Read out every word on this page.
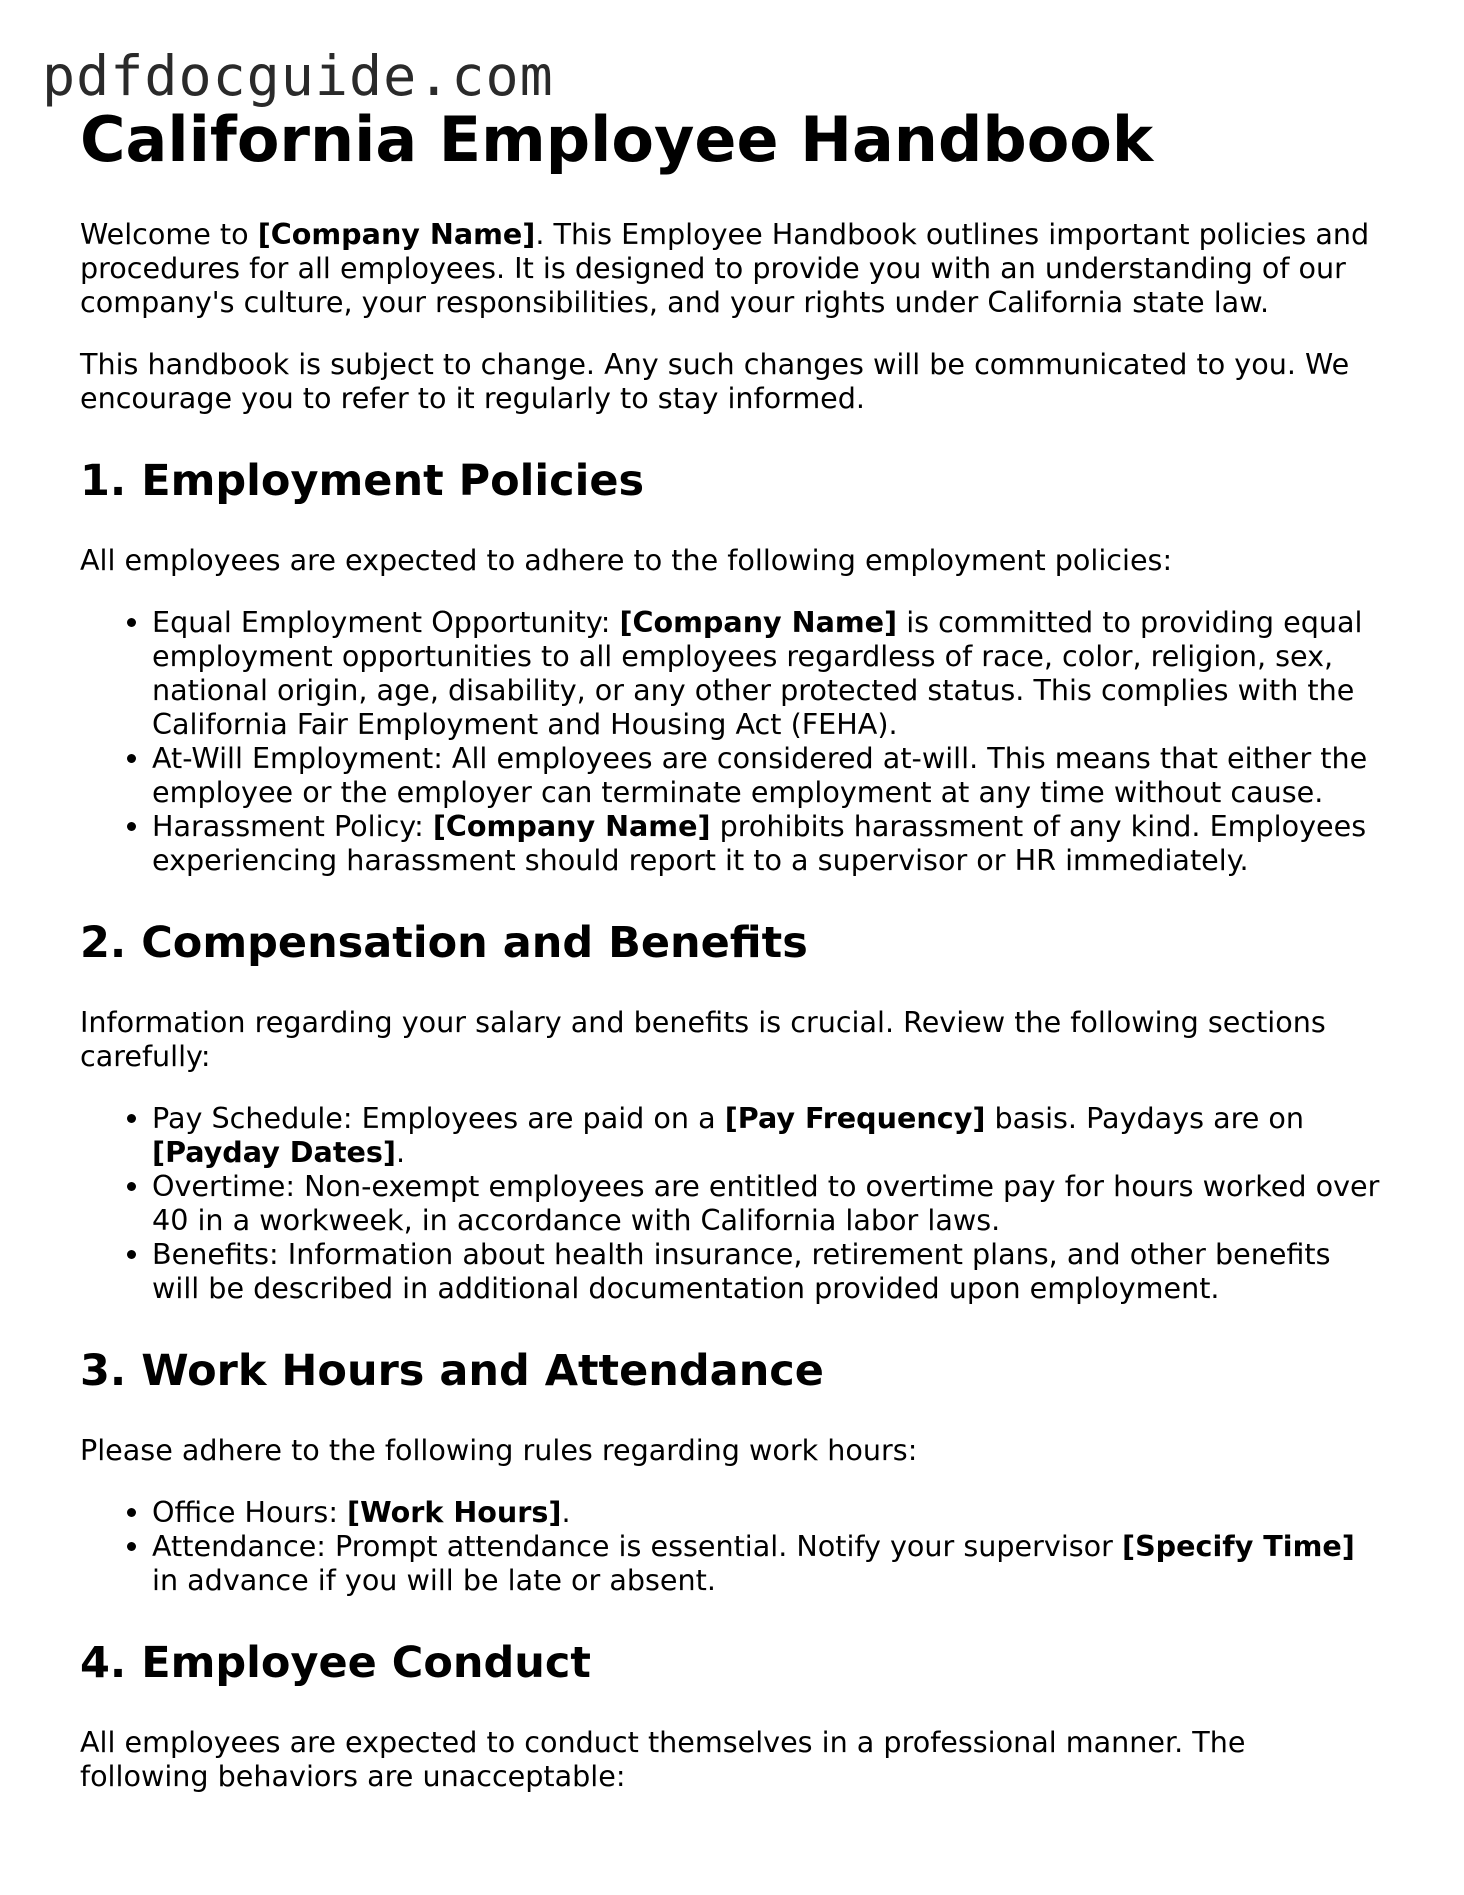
pdfdocguide.com
California Employee Handbook

Welcome to [Company Name]. This Employee Handbook outlines important policies and procedures for all employees. It is designed to provide you with an understanding of our company's culture, your responsibilities, and your rights under California state law.

This handbook is subject to change. Any such changes will be communicated to you. We encourage you to refer to it regularly to stay informed.

1. Employment Policies

All employees are expected to adhere to the following employment policies:

• Equal Employment Opportunity: [Company Name] is committed to providing equal employment opportunities to all employees regardless of race, color, religion, sex, national origin, age, disability, or any other protected status. This complies with the California Fair Employment and Housing Act (FEHA).
• At-Will Employment: All employees are considered at-will. This means that either the employee or the employer can terminate employment at any time without cause.
• Harassment Policy: [Company Name] prohibits harassment of any kind. Employees experiencing harassment should report it to a supervisor or HR immediately.
2. Compensation and Benefits

Information regarding your salary and benefits is crucial. Review the following sections carefully:

• Pay Schedule: Employees are paid on a [Pay Frequency] basis. Paydays are on [Payday Dates].
• Overtime: Non-exempt employees are entitled to overtime pay for hours worked over 40 in a workweek, in accordance with California labor laws.
• Benefits: Information about health insurance, retirement plans, and other benefits will be described in additional documentation provided upon employment.
3. Work Hours and Attendance

Please adhere to the following rules regarding work hours:

• Office Hours: [Work Hours].
• Attendance: Prompt attendance is essential. Notify your supervisor [Specify Time] in advance if you will be late or absent.
4. Employee Conduct

All employees are expected to conduct themselves in a professional manner. The following behaviors are unacceptable:
